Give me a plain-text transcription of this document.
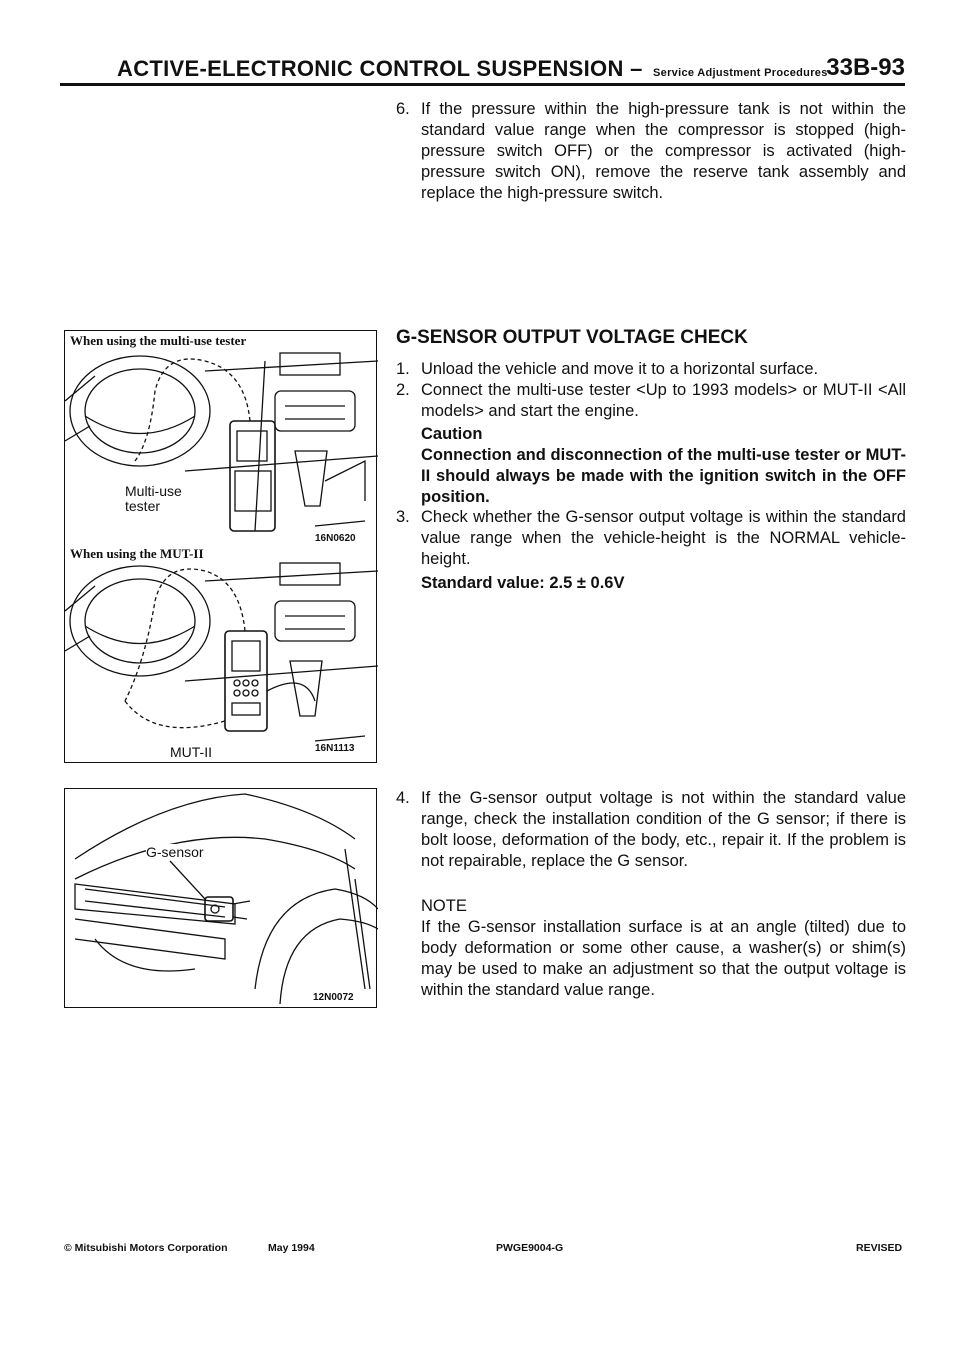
ACTIVE-ELECTRONIC CONTROL SUSPENSION – Service Adjustment Procedures
33B-93
6. If the pressure within the high-pressure tank is not within the standard value range when the compressor is stopped (high-pressure switch OFF) or the compressor is activated (high-pressure switch ON), remove the reserve tank assembly and replace the high-pressure switch.
G-SENSOR OUTPUT VOLTAGE CHECK
1. Unload the vehicle and move it to a horizontal surface.
2. Connect the multi-use tester <Up to 1993 models> or MUT-II <All models> and start the engine.
Caution
Connection and disconnection of the multi-use tester or MUT-II should always be made with the ignition switch in the OFF position.
3. Check whether the G-sensor output voltage is within the standard value range when the vehicle-height is the NORMAL vehicle-height.
Standard value: 2.5 ± 0.6V
4. If the G-sensor output voltage is not within the standard value range, check the installation condition of the G sensor; if there is bolt loose, deformation of the body, etc., repair it. If the problem is not repairable, replace the G sensor.
NOTE
If the G-sensor installation surface is at an angle (tilted) due to body deformation or some other cause, a washer(s) or shim(s) may be used to make an adjustment so that the output voltage is within the standard value range.
When using the multi-use tester
Multi-use
tester
16N0620
When using the MUT-II
MUT-II	16N1113
G-sensor
12N0072
© Mitsubishi Motors Corporation	May 1994	PWGE9004-G	REVISED
